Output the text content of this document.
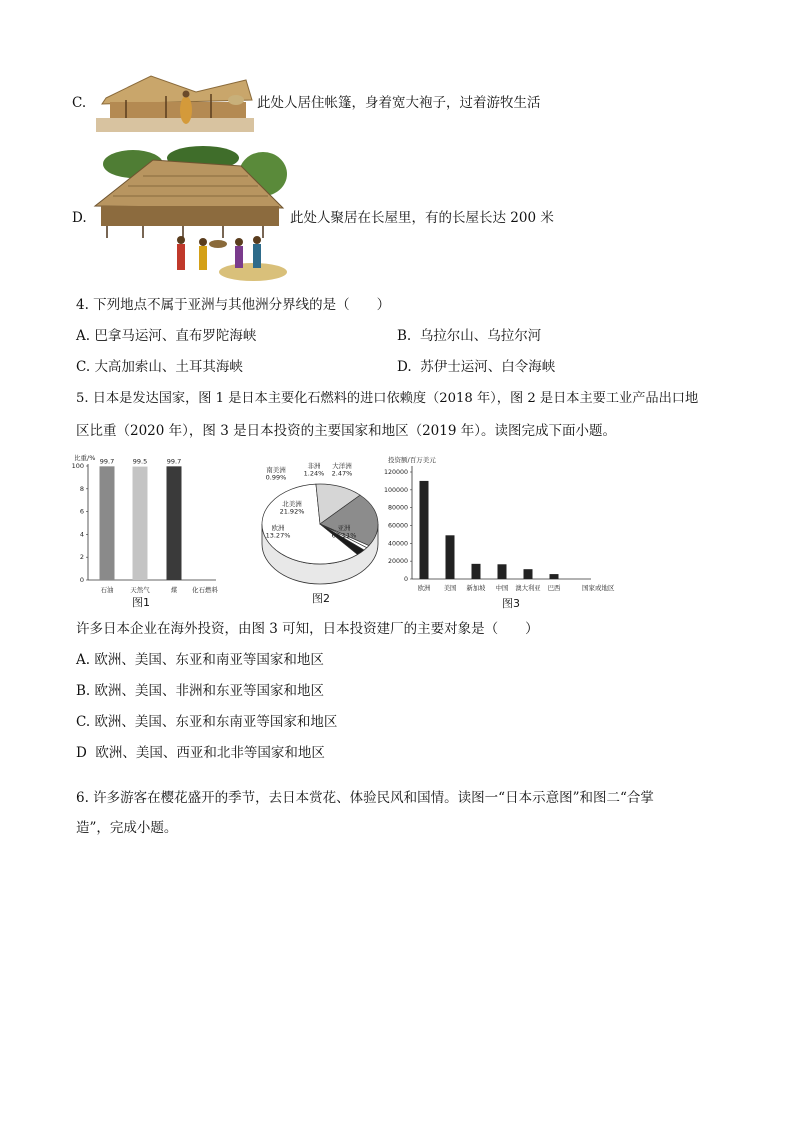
C.	此处人居住帐篷，身着宽大袍子，过着游牧生活
D.	此处人聚居在长屋里，有的长屋长达 200 米
4. 下列地点不属于亚洲与其他洲分界线的是（　　）
A. 巴拿马运河、直布罗陀海峡	B. 乌拉尔山、乌拉尔河
C. 大高加索山、土耳其海峡	D. 苏伊士运河、白令海峡
5. 日本是发达国家，图 1 是日本主要化石燃料的进口依赖度（2018 年），图 2 是日本主要工业产品出口地
区比重（2020 年），图 3 是日本投资的主要国家和地区（2019 年）。读图完成下面小题。
比重/%
0
2
4
6
8
100
99.7
石油
99.5
天然气
99.7
煤 化石燃料
图1
亚洲
60.11%
欧洲
13.27%
北美洲
21.92%
南美洲
0.99%
非洲
1.24%
大洋洲
2.47%
图2
投资额/百万美元
0
20000
40000
60000
80000
100000
120000
欧洲 美国 新加坡 中国 澳大利亚 巴西	国家或地区
图3
许多日本企业在海外投资，由图 3 可知，日本投资建厂的主要对象是（　　）
A. 欧洲、美国、东亚和南亚等国家和地区
B. 欧洲、美国、非洲和东亚等国家和地区
C. 欧洲、美国、东亚和东南亚等国家和地区
D 欧洲、美国、西亚和北非等国家和地区
6. 许多游客在樱花盛开的季节，去日本赏花、体验民风和国情。读图一“日本示意图”和图二“合掌
造”，完成小题。
